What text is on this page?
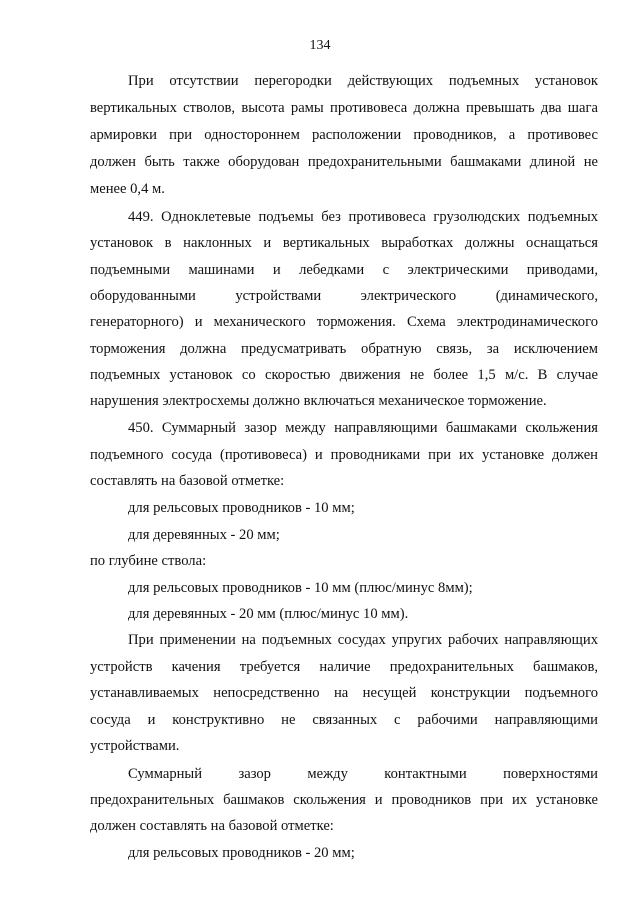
134
При отсутствии перегородки действующих подъемных установок
вертикальных стволов, высота рамы противовеса должна превышать два шага
армировки при одностороннем расположении проводников, а противовес
должен быть также оборудован предохранительными башмаками длиной не
менее 0,4 м.
449. Одноклетевые подъемы без противовеса грузолюдских подъемных
установок в наклонных и вертикальных выработках должны оснащаться
подъемными машинами и лебедками с электрическими приводами,
оборудованными устройствами электрического (динамического,
генераторного) и механического торможения. Схема электродинамического
торможения должна предусматривать обратную связь, за исключением
подъемных установок со скоростью движения не более 1,5 м/с. В случае
нарушения электросхемы должно включаться механическое торможение.
450. Суммарный зазор между направляющими башмаками скольжения
подъемного сосуда (противовеса) и проводниками при их установке должен
составлять на базовой отметке:
для рельсовых проводников - 10 мм;
для деревянных - 20 мм;
по глубине ствола:
для рельсовых проводников - 10 мм (плюс/минус 8мм);
для деревянных - 20 мм (плюс/минус 10 мм).
При применении на подъемных сосудах упругих рабочих направляющих
устройств качения требуется наличие предохранительных башмаков,
устанавливаемых непосредственно на несущей конструкции подъемного
сосуда и конструктивно не связанных с рабочими направляющими
устройствами.
Суммарный зазор между контактными поверхностями
предохранительных башмаков скольжения и проводников при их установке
должен составлять на базовой отметке:
для рельсовых проводников - 20 мм;
